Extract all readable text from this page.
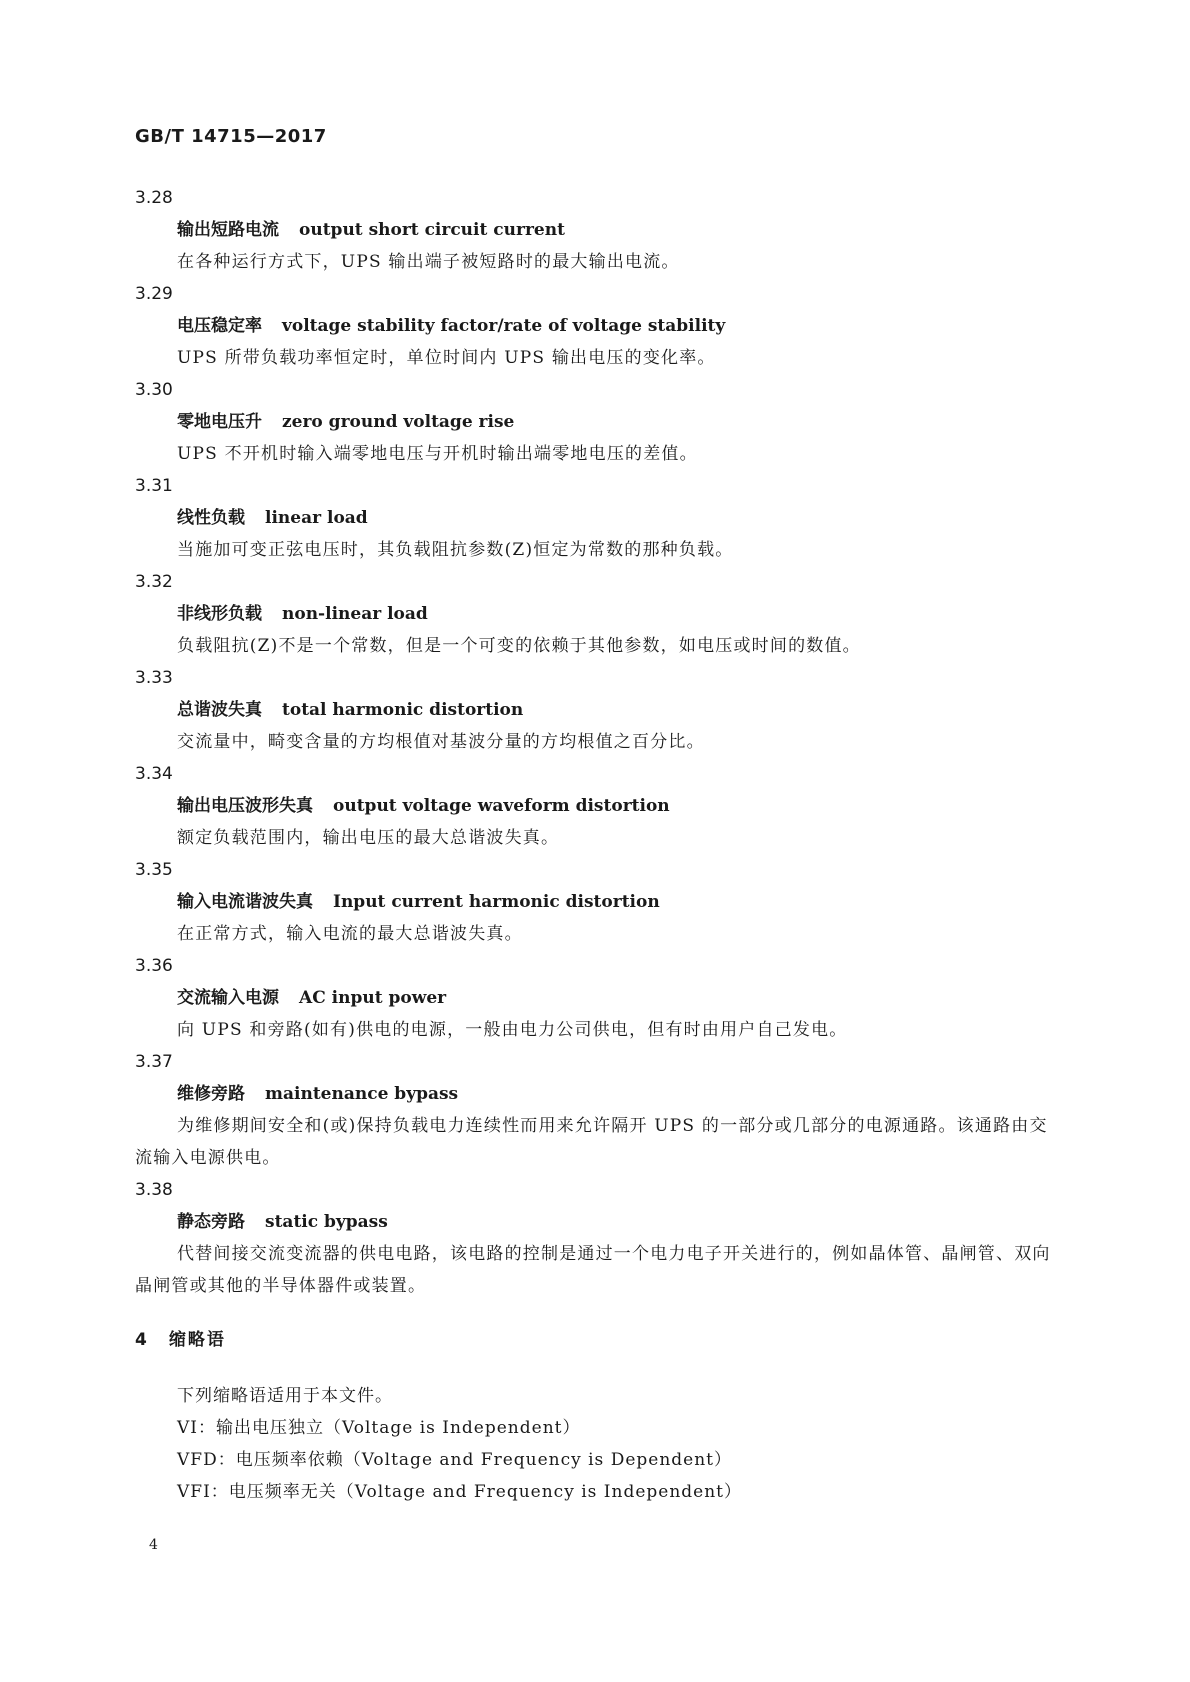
GB/T 14715—2017
3.28
输出短路电流 output short circuit current
在各种运行方式下，UPS 输出端子被短路时的最大输出电流。
3.29
电压稳定率 voltage stability factor/rate of voltage stability
UPS 所带负载功率恒定时，单位时间内 UPS 输出电压的变化率。
3.30
零地电压升 zero ground voltage rise
UPS 不开机时输入端零地电压与开机时输出端零地电压的差值。
3.31
线性负载 linear load
当施加可变正弦电压时，其负载阻抗参数(Z)恒定为常数的那种负载。
3.32
非线形负载 non-linear load
负载阻抗(Z)不是一个常数，但是一个可变的依赖于其他参数，如电压或时间的数值。
3.33
总谐波失真 total harmonic distortion
交流量中，畸变含量的方均根值对基波分量的方均根值之百分比。
3.34
输出电压波形失真 output voltage waveform distortion
额定负载范围内，输出电压的最大总谐波失真。
3.35
输入电流谐波失真 Input current harmonic distortion
在正常方式，输入电流的最大总谐波失真。
3.36
交流输入电源 AC input power
向 UPS 和旁路(如有)供电的电源，一般由电力公司供电，但有时由用户自己发电。
3.37
维修旁路 maintenance bypass
为维修期间安全和(或)保持负载电力连续性而用来允许隔开 UPS 的一部分或几部分的电源通路。该通路由交流输入电源供电。
3.38
静态旁路 static bypass
代替间接交流变流器的供电电路，该电路的控制是通过一个电力电子开关进行的，例如晶体管、晶闸管、双向晶闸管或其他的半导体器件或装置。
4 缩略语
下列缩略语适用于本文件。
VI：输出电压独立（Voltage is Independent）
VFD：电压频率依赖（Voltage and Frequency is Dependent）
VFI：电压频率无关（Voltage and Frequency is Independent）
4
